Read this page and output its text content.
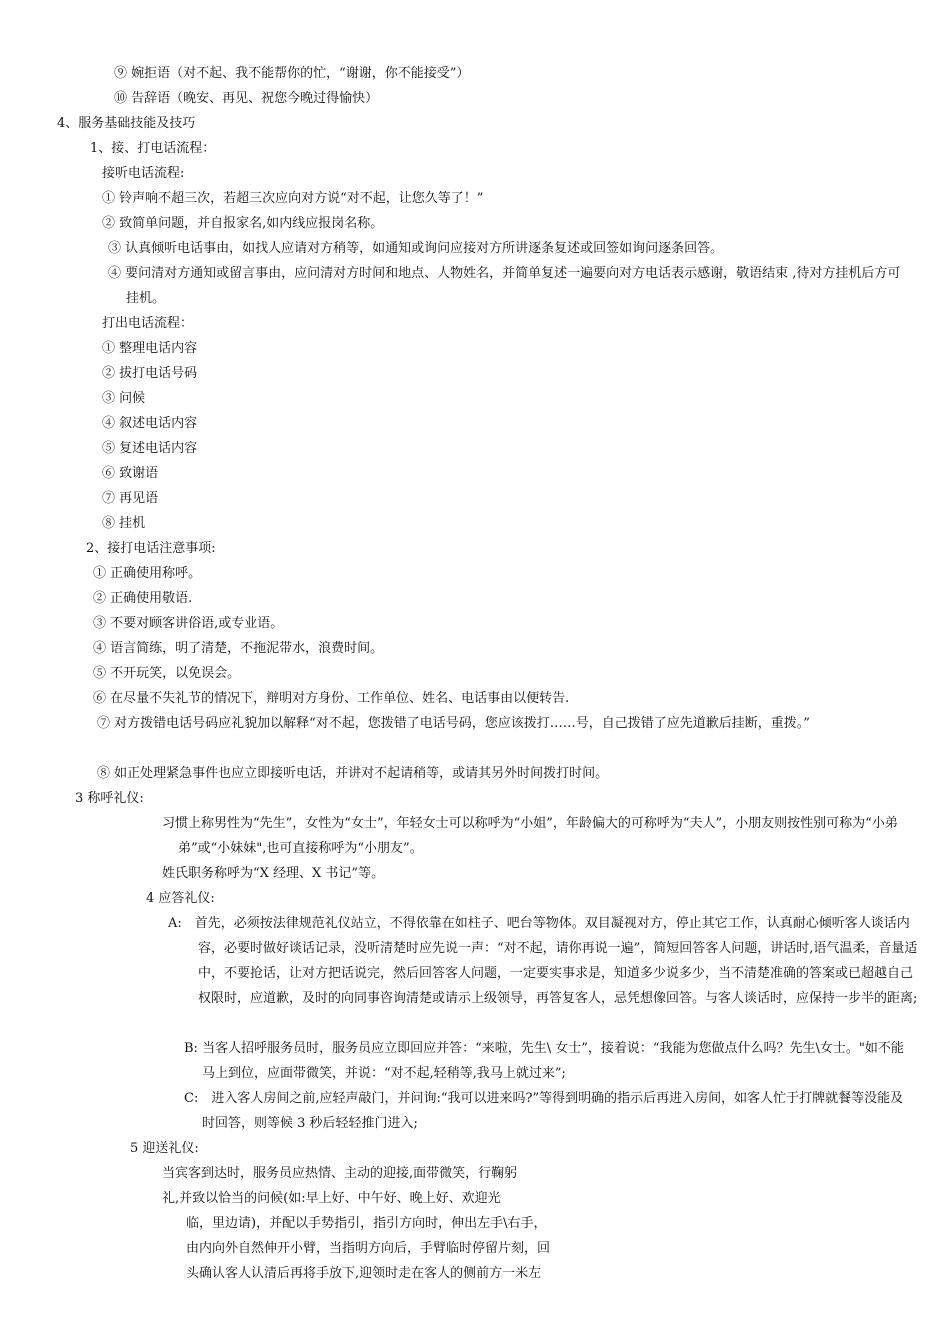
⑨ 婉拒语（对不起、我不能帮你的忙，“谢谢，你不能接受”）
⑩ 告辞语（晚安、再见、祝您今晚过得愉快）
4、服务基础技能及技巧
1、接、打电话流程：
接听电话流程:
① 铃声响不超三次，若超三次应向对方说“对不起，让您久等了！”
② 致简单问题，并自报家名,如内线应报岗名称。
③ 认真倾听电话事由，如找人应请对方稍等，如通知或询问应接对方所讲逐条复述或回签如询问逐条回答。
④ 要问清对方通知或留言事由，应问清对方时间和地点、人物姓名，并简单复述一遍要向对方电话表示感谢，敬语结束 ,待对方挂机后方可挂机。
打出电话流程：
① 整理电话内容
② 拔打电话号码
③ 问候
④ 叙述电话内容
⑤ 复述电话内容
⑥ 致谢语
⑦ 再见语
⑧ 挂机
2、接打电话注意事项:
① 正确使用称呼。
② 正确使用敬语.
③ 不要对顾客讲俗语,或专业语。
④ 语言简练，明了清楚，不拖泥带水，浪费时间。
⑤ 不开玩笑，以免误会。
⑥ 在尽量不失礼节的情况下，辩明对方身份、工作单位、姓名、电话事由以便转告.
⑦ 对方拨错电话号码应礼貌加以解释“对不起，您拨错了电话号码，您应该拨打……号，自己拨错了应先道歉后挂断，重拨。”
⑧ 如正处理紧急事件也应立即接听电话，并讲对不起请稍等，或请其另外时间拨打时间。
3 称呼礼仪:
习惯上称男性为“先生”，女性为“女士”，年轻女士可以称呼为“小姐”，年龄偏大的可称呼为“夫人”，小朋友则按性别可称为“小弟弟”或“小妹妹",也可直接称呼为“小朋友”。
姓氏职务称呼为“X 经理、X 书记”等。
4 应答礼仪:
A:　首先，必须按法律规范礼仪站立，不得依靠在如柱子、吧台等物体。双目凝视对方，停止其它工作，认真耐心倾听客人谈话内容，必要时做好谈话记录，没听清楚时应先说一声：“对不起，请你再说一遍”，简短回答客人问题，讲话时,语气温柔，音量适中，不要抢话，让对方把话说完，然后回答客人问题，一定要实事求是，知道多少说多少，当不清楚准确的答案或已超越自己权限时，应道歉，及时的向同事咨询清楚或请示上级领导，再答复客人，忌凭想像回答。与客人谈话时，应保持一步半的距离;
B: 当客人招呼服务员时，服务员应立即回应并答：“来啦，先生\ 女士”，接着说：“我能为您做点什么吗？先生\女士。"如不能马上到位，应面带微笑，并说：“对不起,轻稍等,我马上就过来”;
C:　进入客人房间之前,应轻声敲门，并问询:“我可以进来吗?”等得到明确的指示后再进入房间，如客人忙于打牌就餐等没能及时回答，则等候 3 秒后轻轻推门进入;
5 迎送礼仪:
当宾客到达时，服务员应热情、主动的迎接,面带微笑，行鞠躬
礼,并致以恰当的问候(如:早上好、中午好、晚上好、欢迎光
临，里边请)，并配以手势指引，指引方向时，伸出左手\右手，
由内向外自然伸开小臂，当指明方向后，手臂临时停留片刻，回
头确认客人认清后再将手放下,迎领时走在客人的侧前方一米左
